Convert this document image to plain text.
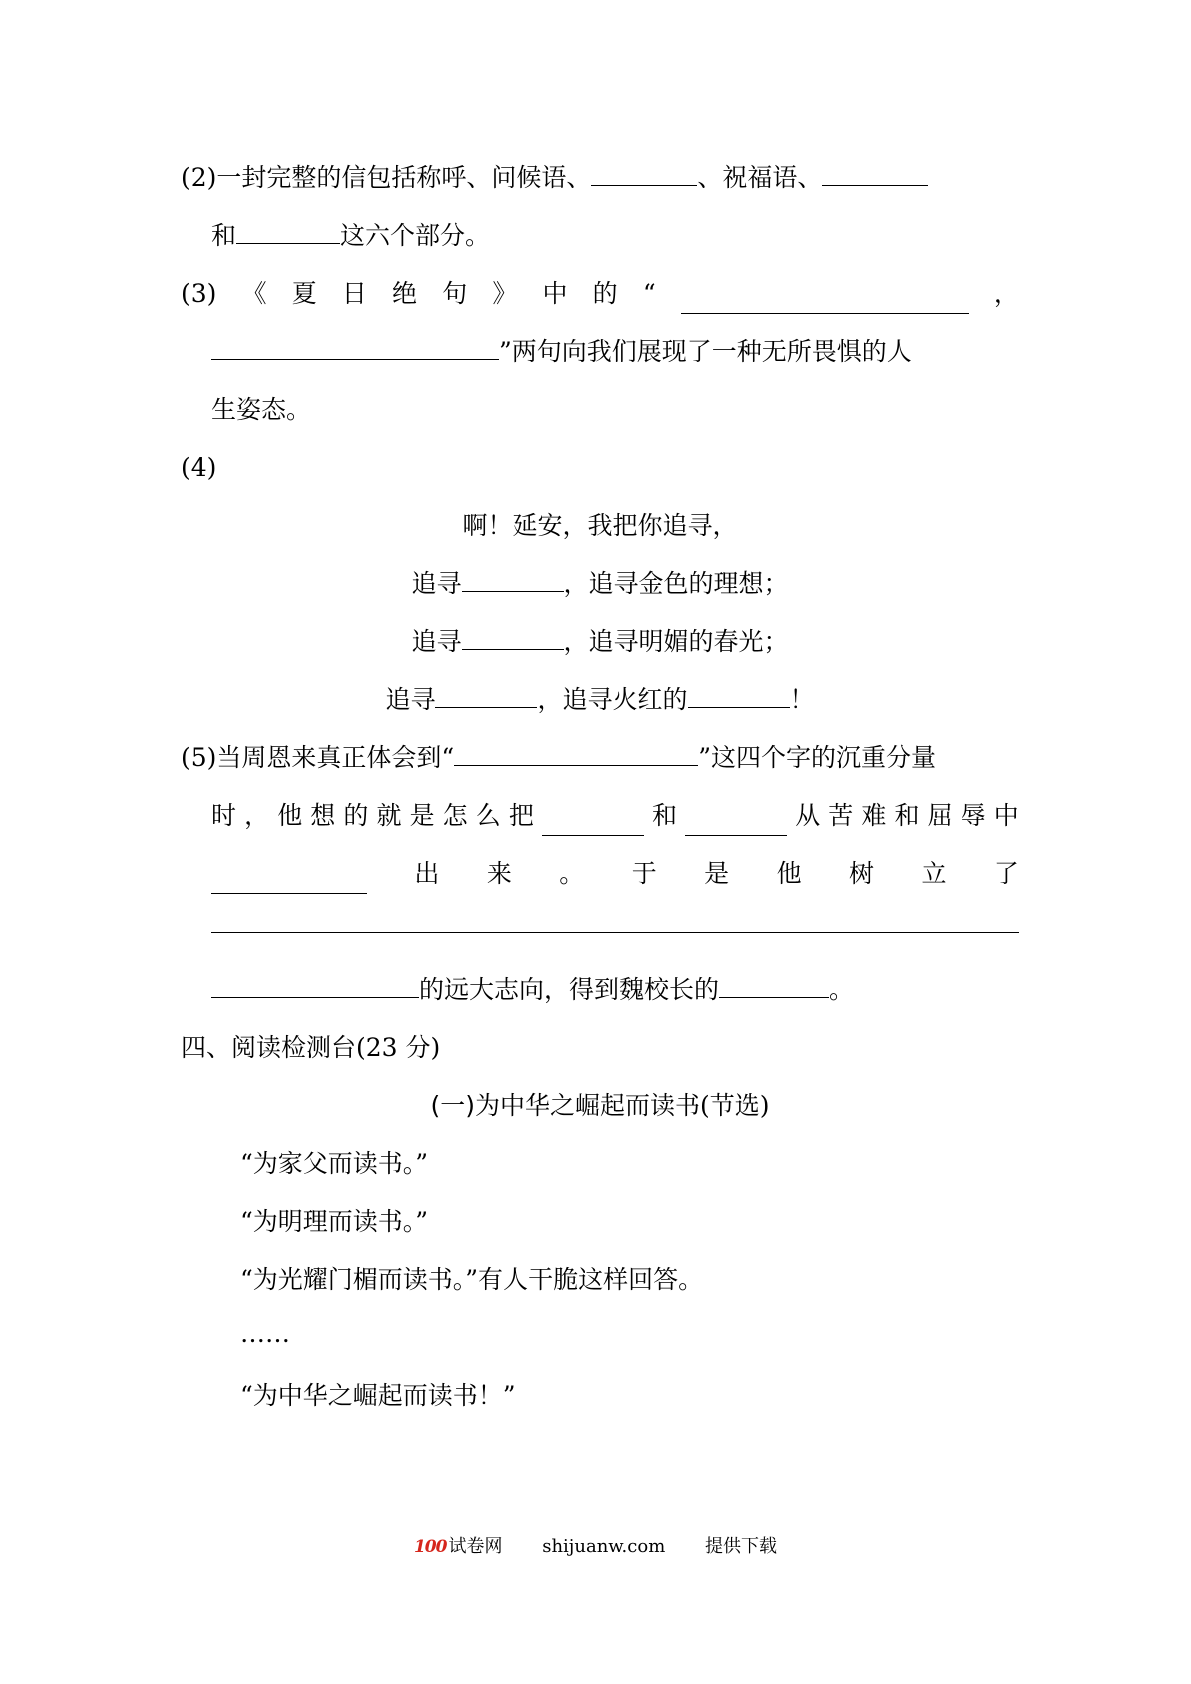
(2)一封完整的信包括称呼、问候语、	、祝福语、
和	这六个部分。
(3) 《 夏 日 绝 句 》 中 的 “	，
”两句向我们展现了一种无所畏惧的人
生姿态。
(4)
啊！延安，我把你追寻，
追寻	，追寻金色的理想；
追寻	，追寻明媚的春光；
追寻	，追寻火红的	！
(5)当周恩来真正体会到“	”这四个字的沉重分量
时 ， 他 想 的 就 是 怎 么 把	和	从 苦 难 和 屈 辱 中
出 来 。 于 是 他 树 立 了
的远大志向，得到魏校长的	。
四、阅读检测台(23 分)
(一)为中华之崛起而读书(节选)
“为家父而读书。”
“为明理而读书。”
“为光耀门楣而读书。”有人干脆这样回答。
……
“为中华之崛起而读书！”
100 试卷网 shijuanw.com 提供下载
